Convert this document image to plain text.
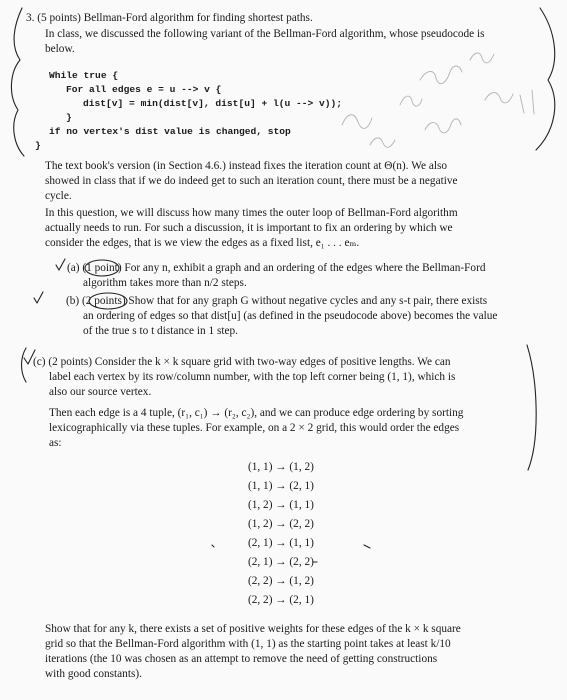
3. (5 points) Bellman-Ford algorithm for finding shortest paths.
In class, we discussed the following variant of the Bellman-Ford algorithm, whose pseudocode is
below.
While true {
For all edges e = u --> v {
dist[v] = min(dist[v], dist[u] + l(u --> v));
}
if no vertex's dist value is changed, stop
}
The text book's version (in Section 4.6.) instead fixes the iteration count at Θ(n). We also
showed in class that if we do indeed get to such an iteration count, there must be a negative
cycle.
In this question, we will discuss how many times the outer loop of Bellman-Ford algorithm
actually needs to run. For such a discussion, it is important to fix an ordering by which we
consider the edges, that is we view the edges as a fixed list, e₁ . . . eₘ.
(a) (1 point) For any n, exhibit a graph and an ordering of the edges where the Bellman-Ford
algorithm takes more than n/2 steps.
(b) (2 points) Show that for any graph G without negative cycles and any s-t pair, there exists
an ordering of edges so that dist[u] (as defined in the pseudocode above) becomes the value
of the true s to t distance in 1 step.
(c) (2 points) Consider the k × k square grid with two-way edges of positive lengths. We can
label each vertex by its row/column number, with the top left corner being (1, 1), which is
also our source vertex.
Then each edge is a 4 tuple, (r₁, c₁) → (r₂, c₂), and we can produce edge ordering by sorting
lexicographically via these tuples. For example, on a 2 × 2 grid, this would order the edges
as:
(1, 1) → (1, 2)
(1, 1) → (2, 1)
(1, 2) → (1, 1)
(1, 2) → (2, 2)
(2, 1) → (1, 1)
(2, 1) → (2, 2)
(2, 2) → (1, 2)
(2, 2) → (2, 1)
Show that for any k, there exists a set of positive weights for these edges of the k × k square
grid so that the Bellman-Ford algorithm with (1, 1) as the starting point takes at least k/10
iterations (the 10 was chosen as an attempt to remove the need of getting constructions
with good constants).
